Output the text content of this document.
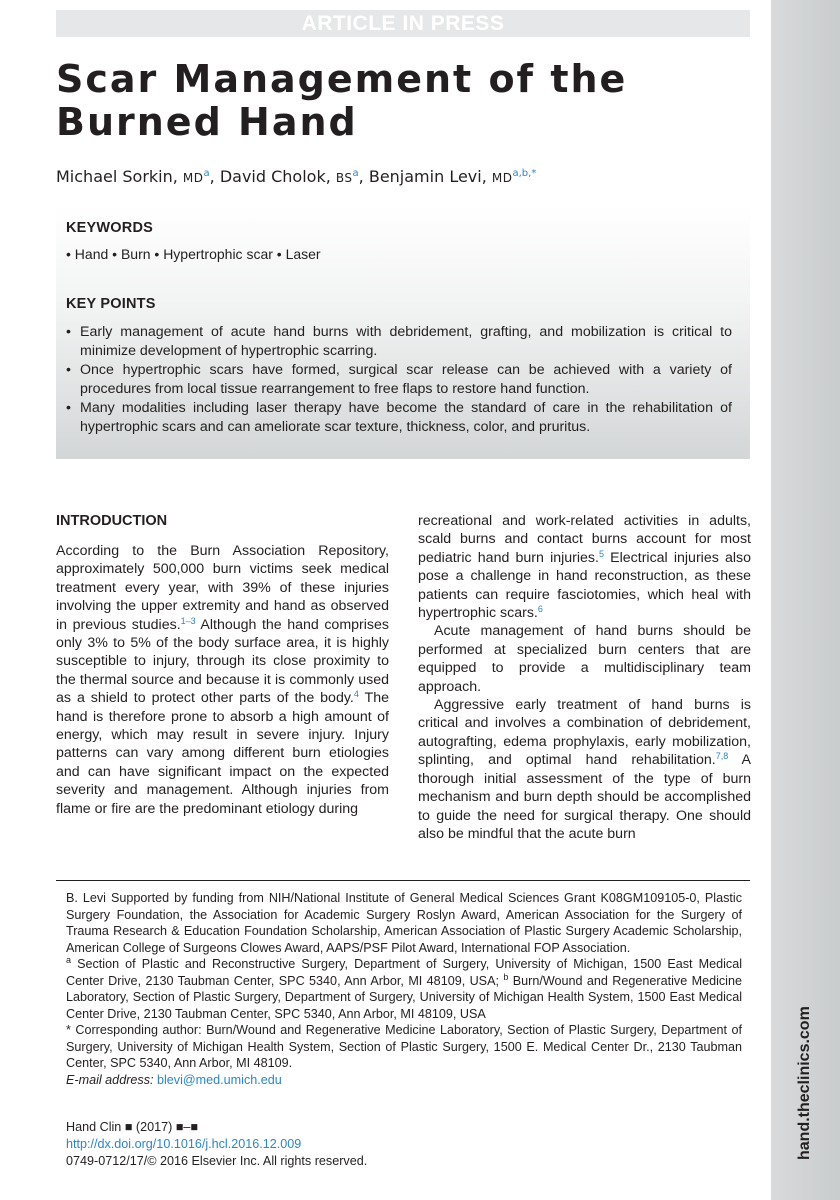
ARTICLE IN PRESS
Scar Management of the
Burned Hand
Michael Sorkin, $MD^a$, David Cholok, $BS^a$, Benjamin Levi, $MD^{a,b,*}$
KEYWORDS
• Hand • Burn • Hypertrophic scar • Laser
KEY POINTS
• Early management of acute hand burns with debridement, grafting, and mobilization is critical to minimize development of hypertrophic scarring.
• Once hypertrophic scars have formed, surgical scar release can be achieved with a variety of procedures from local tissue rearrangement to free flaps to restore hand function.
• Many modalities including laser therapy have become the standard of care in the rehabilitation of hypertrophic scars and can ameliorate scar texture, thickness, color, and pruritus.
INTRODUCTION

According to the Burn Association Repository, approximately 500,000 burn victims seek medical treatment every year, with 39% of these injuries involving the upper extremity and hand as observed in previous studies.$^{1-3}$ Although the hand comprises only 3% to 5% of the body surface area, it is highly susceptible to injury, through its close proximity to the thermal source and because it is commonly used as a shield to protect other parts of the body.$^4$ The hand is therefore prone to absorb a high amount of energy, which may result in severe injury. Injury patterns can vary among different burn etiologies and can have significant impact on the expected severity and management. Although injuries from flame or fire are the predominant etiology during

recreational and work-related activities in adults, scald burns and contact burns account for most pediatric hand burn injuries.$^5$ Electrical injuries also pose a challenge in hand reconstruction, as these patients can require fasciotomies, which heal with hypertrophic scars.$^6$

Acute management of hand burns should be performed at specialized burn centers that are equipped to provide a multidisciplinary team approach.

Aggressive early treatment of hand burns is critical and involves a combination of debridement, autografting, edema prophylaxis, early mobilization, splinting, and optimal hand rehabilitation.$^{7,8}$ A thorough initial assessment of the type of burn mechanism and burn depth should be accomplished to guide the need for surgical therapy. One should also be mindful that the acute burn

B. Levi Supported by funding from NIH/National Institute of General Medical Sciences Grant K08GM109105-0, Plastic Surgery Foundation, the Association for Academic Surgery Roslyn Award, American Association for the Surgery of Trauma Research & Education Foundation Scholarship, American Association of Plastic Surgery Academic Scholarship, American College of Surgeons Clowes Award, AAPS/PSF Pilot Award, International FOP Association.

$^a$ Section of Plastic and Reconstructive Surgery, Department of Surgery, University of Michigan, 1500 East Medical Center Drive, 2130 Taubman Center, SPC 5340, Ann Arbor, MI 48109, USA; $^b$ Burn/Wound and Regenerative Medicine Laboratory, Section of Plastic Surgery, Department of Surgery, University of Michigan Health System, 1500 East Medical Center Drive, 2130 Taubman Center, SPC 5340, Ann Arbor, MI 48109, USA

* Corresponding author: Burn/Wound and Regenerative Medicine Laboratory, Section of Plastic Surgery, Department of Surgery, University of Michigan Health System, Section of Plastic Surgery, 1500 E. Medical Center Dr., 2130 Taubman Center, SPC 5340, Ann Arbor, MI 48109.

E-mail address: blevi@med.umich.edu

Hand Clin ■ (2017) ■–■
http://dx.doi.org/10.1016/j.hcl.2016.12.009
0749-0712/17/© 2016 Elsevier Inc. All rights reserved.
hand.theclinics.com
